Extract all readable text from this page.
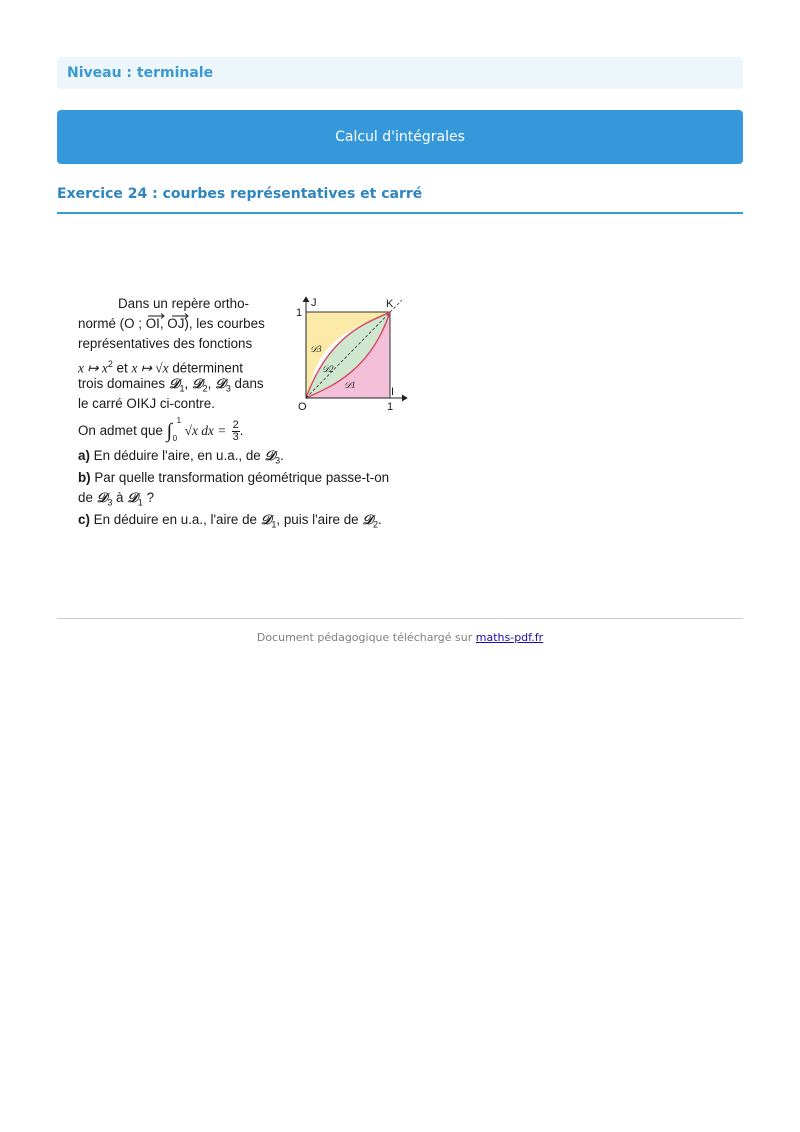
Niveau : terminale
Calcul d'intégrales
Exercice 24 : courbes représentatives et carré
Dans un repère ortho-
normé (O ; OI, OJ), les courbes
représentatives des fonctions
x ↦ $x^2$ et x ↦ √x déterminent
trois domaines 𝒟$_1$, 𝒟$_2$, 𝒟$_3$ dans
le carré OIKJ ci-contre.
On admet que ∫ 1
0
√x dx = $\frac{2}{3}$ .
a) En déduire l'aire, en u.a., de 𝒟$_3$.
b) Par quelle transformation géométrique passe-t-on
de 𝒟$_3$ à 𝒟$_1$ ?
c) En déduire en u.a., l'aire de 𝒟$_1$, puis l'aire de 𝒟$_2$.
O	1
I
J
1
K
𝒟3
𝒟2
𝒟1
Document pédagogique téléchargé sur maths-pdf.fr
